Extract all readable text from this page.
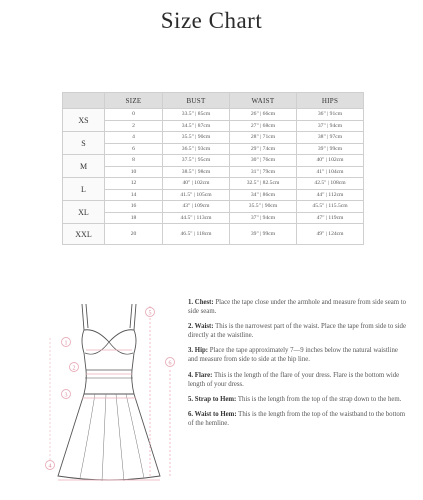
Size Chart
	SIZE	BUST	WAIST	HIPS
XS	0	33.5" | 85cm	26" | 66cm	36" | 91cm
	2	34.5" | 87cm	27" | 68cm	37" | 94cm
S	4	35.5" | 90cm	28" | 71cm	38" | 97cm
	6	36.5" | 93cm	29" | 74cm	39" | 99cm
M	8	37.5" | 95cm	30" | 76cm	40" | 102cm
	10	38.5" | 98cm	31" | 79cm	41" | 104cm
L	12	40" | 102cm	32.5" | 82.5cm	42.5" | 108cm
	14	41.5" | 105cm	34" | 86cm	44" | 112cm
XL	16	43" | 109cm	35.5" | 90cm	45.5" | 115.5cm
	18	44.5" | 113cm	37" | 94cm	47" | 119cm
XXL	20	46.5" | 118cm	39" | 99cm	49" | 124cm
1
2
3
4
5
6

1. Chest: Place the tape close under the armhole and measure from side seam to side seam.

2. Waist: This is the narrowest part of the waist. Place the tape from side to side directly at the waistline.

3. Hip: Place the tape approximately 7—9 inches below the natural waistline and measure from side to side at the hip line.

4. Flare: This is the length of the flare of your dress. Flare is the bottom wide length of your dress.

5. Strap to Hem: This is the length from the top of the strap down to the hem.

6. Waist to Hem: This is the length from the top of the waistband to the bottom of the hemline.
